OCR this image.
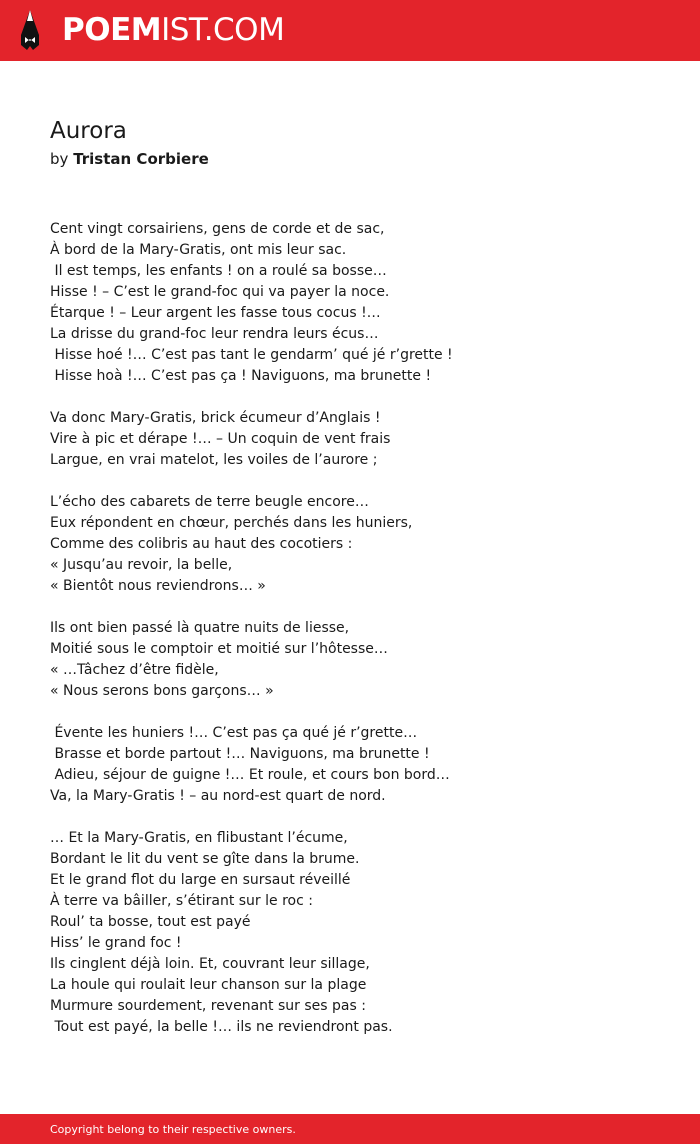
POEMIST.COM
Aurora
by Tristan Corbiere
Cent vingt corsairiens, gens de corde et de sac,
À bord de la Mary-Gratis, ont mis leur sac.
Il est temps, les enfants ! on a roulé sa bosse…
Hisse ! – C’est le grand-foc qui va payer la noce.
Étarque ! – Leur argent les fasse tous cocus !…
La drisse du grand-foc leur rendra leurs écus…
Hisse hoé !… C’est pas tant le gendarm’ qué jé r’grette !
Hisse hoà !… C’est pas ça ! Naviguons, ma brunette !
Va donc Mary-Gratis, brick écumeur d’Anglais !
Vire à pic et dérape !… – Un coquin de vent frais
Largue, en vrai matelot, les voiles de l’aurore ;
L’écho des cabarets de terre beugle encore…
Eux répondent en chœur, perchés dans les huniers,
Comme des colibris au haut des cocotiers :
« Jusqu’au revoir, la belle,
« Bientôt nous reviendrons… »
Ils ont bien passé là quatre nuits de liesse,
Moitié sous le comptoir et moitié sur l’hôtesse…
« …Tâchez d’être fidèle,
« Nous serons bons garçons… »
Évente les huniers !… C’est pas ça qué jé r’grette…
Brasse et borde partout !… Naviguons, ma brunette !
Adieu, séjour de guigne !… Et roule, et cours bon bord…
Va, la Mary-Gratis ! – au nord-est quart de nord.
… Et la Mary-Gratis, en flibustant l’écume,
Bordant le lit du vent se gîte dans la brume.
Et le grand flot du large en sursaut réveillé
À terre va bâiller, s’étirant sur le roc :
Roul’ ta bosse, tout est payé
Hiss’ le grand foc !
Ils cinglent déjà loin. Et, couvrant leur sillage,
La houle qui roulait leur chanson sur la plage
Murmure sourdement, revenant sur ses pas :
Tout est payé, la belle !… ils ne reviendront pas.
Copyright belong to their respective owners.
